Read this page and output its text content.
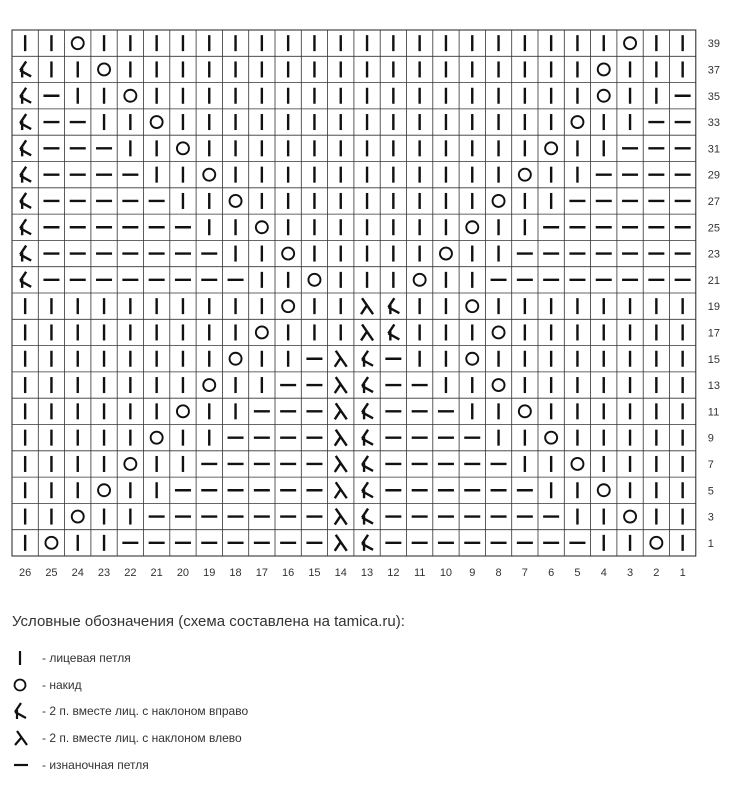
39
37
35
33
31
29
27
25
23
21
19
17
15
13
11
9
7
5
3
1
26 25 24 23 22 21 20 19 18 17 16 15 14 13 12 11 10 9 8 7 6 5 4 3 2 1
Условные обозначения (схема составлена на tamica.ru):
- лицевая петля
- накид
- 2 п. вместе лиц. с наклоном вправо
- 2 п. вместе лиц. с наклоном влево
- изнаночная петля
